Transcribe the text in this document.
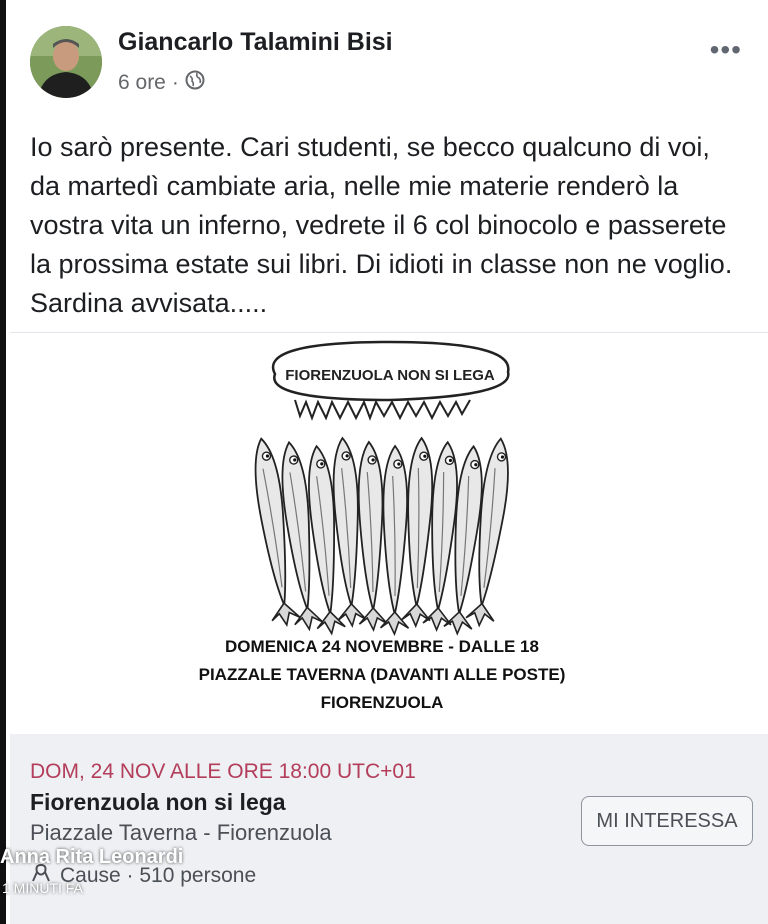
Giancarlo Talamini Bisi
6 ore ·
•••
Io sarò presente. Cari studenti, se becco qualcuno di voi, da martedì cambiate aria, nelle mie materie renderò la vostra vita un inferno, vedrete il 6 col binocolo e passerete la prossima estate sui libri. Di idioti in classe non ne voglio. Sardina avvisata.....
FIORENZUOLA NON SI LEGA
DOMENICA 24 NOVEMBRE - DALLE 18
PIAZZALE TAVERNA (DAVANTI ALLE POSTE)
FIORENZUOLA
DOM, 24 NOV ALLE ORE 18:00 UTC+01
Fiorenzuola non si lega
Piazzale Taverna - Fiorenzuola
Cause · 510 persone
MI INTERESSA
Anna Rita Leonardi
1 MINUTI FA
